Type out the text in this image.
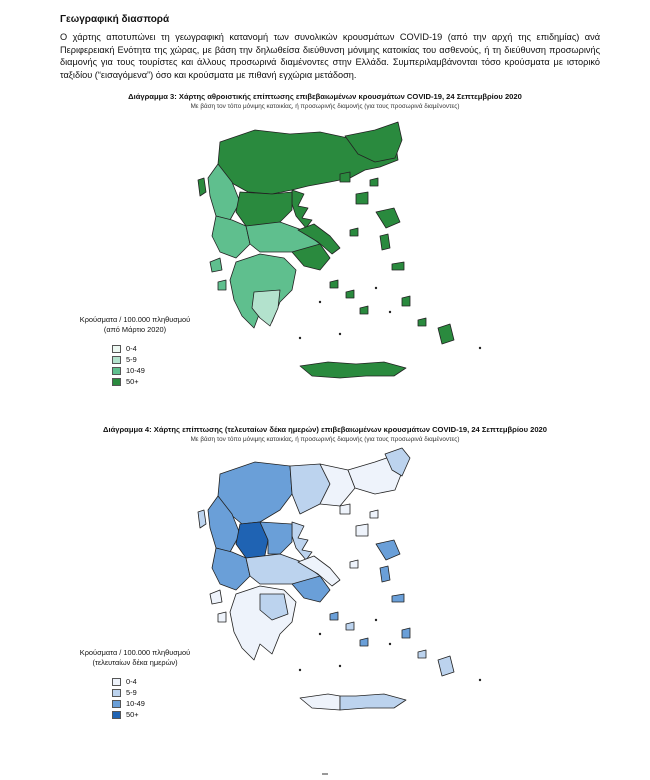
Γεωγραφική διασπορά

Ο χάρτης αποτυπώνει τη γεωγραφική κατανομή των συνολικών κρουσμάτων COVID-19 (από την αρχή της επιδημίας) ανά Περιφερειακή Ενότητα της χώρας, με βάση την δηλωθείσα διεύθυνση μόνιμης κατοικίας του ασθενούς, ή τη διεύθυνση προσωρινής διαμονής για τους τουρίστες και άλλους προσωρινά διαμένοντες στην Ελλάδα. Συμπεριλαμβάνονται τόσο κρούσματα με ιστορικό ταξιδίου (“εισαγόμενα”) όσο και κρούσματα με πιθανή εγχώρια μετάδοση.

Διάγραμμα 3: Χάρτης αθροιστικής επίπτωσης επιβεβαιωμένων κρουσμάτων COVID-19, 24 Σεπτεμβρίου 2020
Με βάση τον τόπο μόνιμης κατοικίας, ή προσωρινής διαμονής (για τους προσωρινά διαμένοντες)
Κρούσματα / 100.000 πληθυσμού
(από Μάρτιο 2020)
0-4
5-9
10-49
50+
Διάγραμμα 4: Χάρτης επίπτωσης (τελευταίων δέκα ημερών) επιβεβαιωμένων κρουσμάτων COVID-19, 24 Σεπτεμβρίου 2020
Με βάση τον τόπο μόνιμης κατοικίας, ή προσωρινής διαμονής (για τους προσωρινά διαμένοντες)
Κρούσματα / 100.000 πληθυσμού
(τελευταίων δέκα ημερών)
0-4
5-9
10-49
50+
